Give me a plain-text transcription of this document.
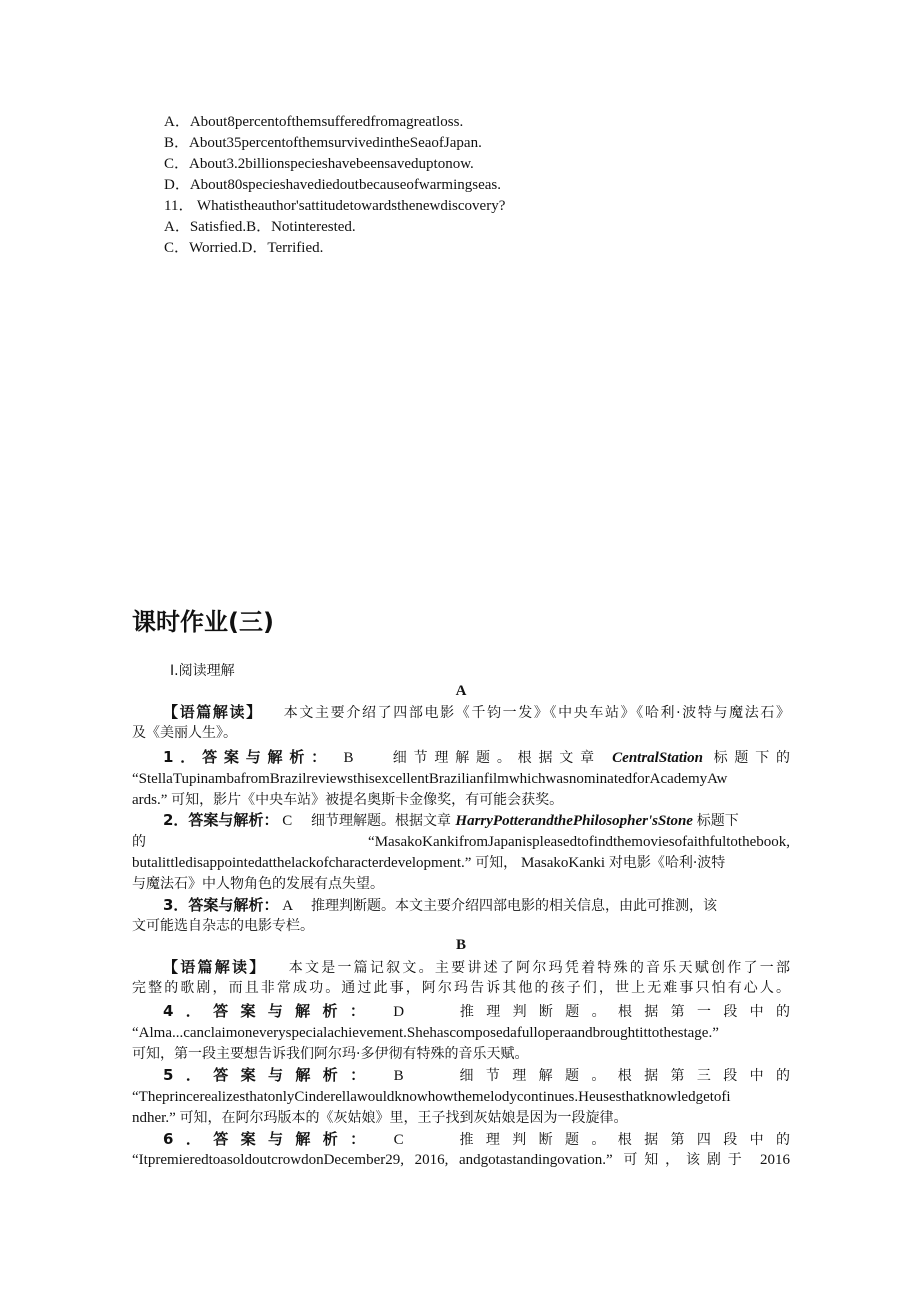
A．About8percentofthemsufferedfromagreatloss.
B．About35percentofthemsurvivedintheSeaofJapan.
C．About3.2billionspecieshavebeensaveduptonow.
D．About80specieshavediedoutbecauseofwarmingseas.
11． Whatistheauthor'sattitudetowardsthenewdiscovery?
A．Satisfied.B．Notinterested.
C．Worried.D．Terrified.
课时作业(三)
Ⅰ.阅读理解
A
【语篇解读】 　本文主要介绍了四部电影《千钧一发》《中央车站》《哈利·波特与魔法石》
及《美丽人生》。
1．答案与解析： B　 细节理解题。根据文章 CentralStation 标题下的
“StellaTupinambafromBrazilreviewsthisexcellentBrazilianfilmwhichwasnominatedforAcademyAw
ards.” 可知，影片《中央车站》被提名奥斯卡金像奖，有可能会获奖。
2．答案与解析： C　 细节理解题。根据文章 HarryPotterandthePhilosopher'sStone 标题下
的	“MasakoKankifromJapanispleasedtofindthemoviesofaithfultothebook,
butalittledisappointedatthelackofcharacterdevelopment.” 可知， MasakoKanki 对电影《哈利·波特
与魔法石》中人物角色的发展有点失望。
3．答案与解析： A　 推理判断题。本文主要介绍四部电影的相关信息，由此可推测，该
文可能选自杂志的电影专栏。
B
【语篇解读】 　本文是一篇记叙文。主要讲述了阿尔玛凭着特殊的音乐天赋创作了一部
完整的歌剧，而且非常成功。通过此事，阿尔玛告诉其他的孩子们，世上无难事只怕有心人。
4．答案与解析： D　 推理判断题。根据第一段中的
“Alma...canclaimoneveryspecialachievement.Shehascomposedafulloperaandbroughtittothestage.”
可知，第一段主要想告诉我们阿尔玛·多伊彻有特殊的音乐天赋。
5．答案与解析： B　 细节理解题。根据第三段中的
“TheprincerealizesthatonlyCinderellawouldknowhowthemelodycontinues.Heusesthatknowledgetofi
ndher.” 可知，在阿尔玛版本的《灰姑娘》里，王子找到灰姑娘是因为一段旋律。
6．答案与解析： C　 推理判断题。根据第四段中的
“ItpremieredtoasoldoutcrowdonDecember29, 2016, andgotastandingovation.” 可知，该剧于 2016
